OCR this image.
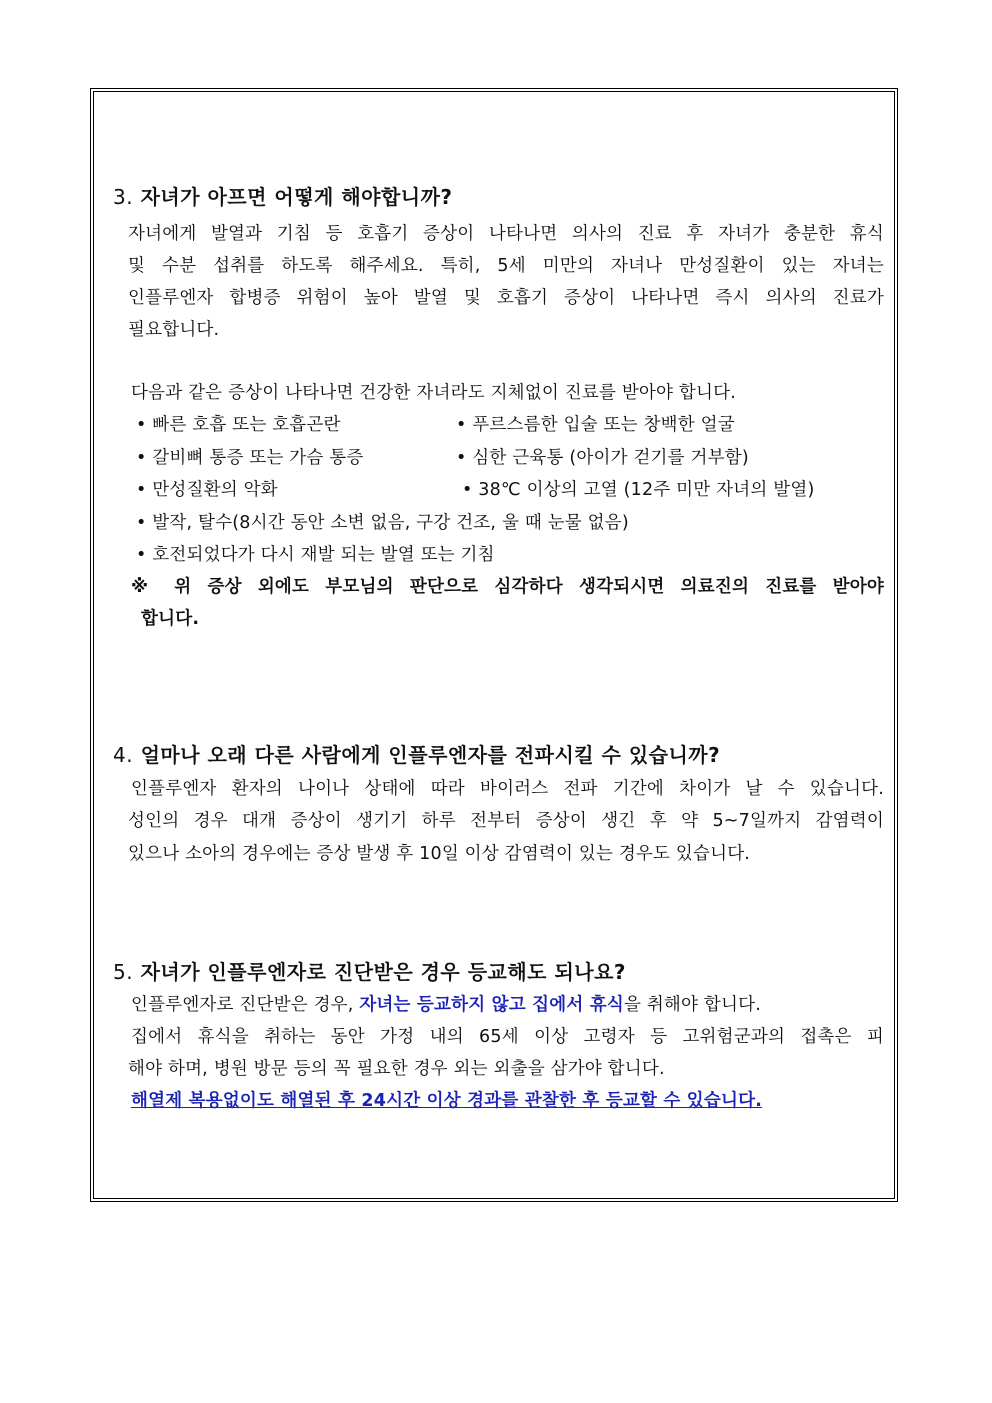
3. 자녀가 아프면 어떻게 해야합니까?
자녀에게 발열과 기침 등 호흡기 증상이 나타나면 의사의 진료 후 자녀가 충분한 휴식
및 수분 섭취를 하도록 해주세요. 특히, 5세 미만의 자녀나 만성질환이 있는 자녀는
인플루엔자 합병증 위험이 높아 발열 및 호흡기 증상이 나타나면 즉시 의사의 진료가
필요합니다.
다음과 같은 증상이 나타나면 건강한 자녀라도 지체없이 진료를 받아야 합니다.
• 빠른 호흡 또는 호흡곤란	• 푸르스름한 입술 또는 창백한 얼굴
• 갈비뼈 통증 또는 가슴 통증	• 심한 근육통 (아이가 걷기를 거부함)
• 만성질환의 악화	• 38℃ 이상의 고열 (12주 미만 자녀의 발열)
• 발작, 탈수(8시간 동안 소변 없음, 구강 건조, 울 때 눈물 없음)
• 호전되었다가 다시 재발 되는 발열 또는 기침
※ 위 증상 외에도 부모님의 판단으로 심각하다 생각되시면 의료진의 진료를 받아야
합니다.
4. 얼마나 오래 다른 사람에게 인플루엔자를 전파시킬 수 있습니까?
인플루엔자 환자의 나이나 상태에 따라 바이러스 전파 기간에 차이가 날 수 있습니다.
성인의 경우 대개 증상이 생기기 하루 전부터 증상이 생긴 후 약 5~7일까지 감염력이
있으나 소아의 경우에는 증상 발생 후 10일 이상 감염력이 있는 경우도 있습니다.
5. 자녀가 인플루엔자로 진단받은 경우 등교해도 되나요?
인플루엔자로 진단받은 경우, 자녀는 등교하지 않고 집에서 휴식을 취해야 합니다.
집에서 휴식을 취하는 동안 가정 내의 65세 이상 고령자 등 고위험군과의 접촉은 피
해야 하며, 병원 방문 등의 꼭 필요한 경우 외는 외출을 삼가야 합니다.
해열제 복용없이도 해열된 후 24시간 이상 경과를 관찰한 후 등교할 수 있습니다.
